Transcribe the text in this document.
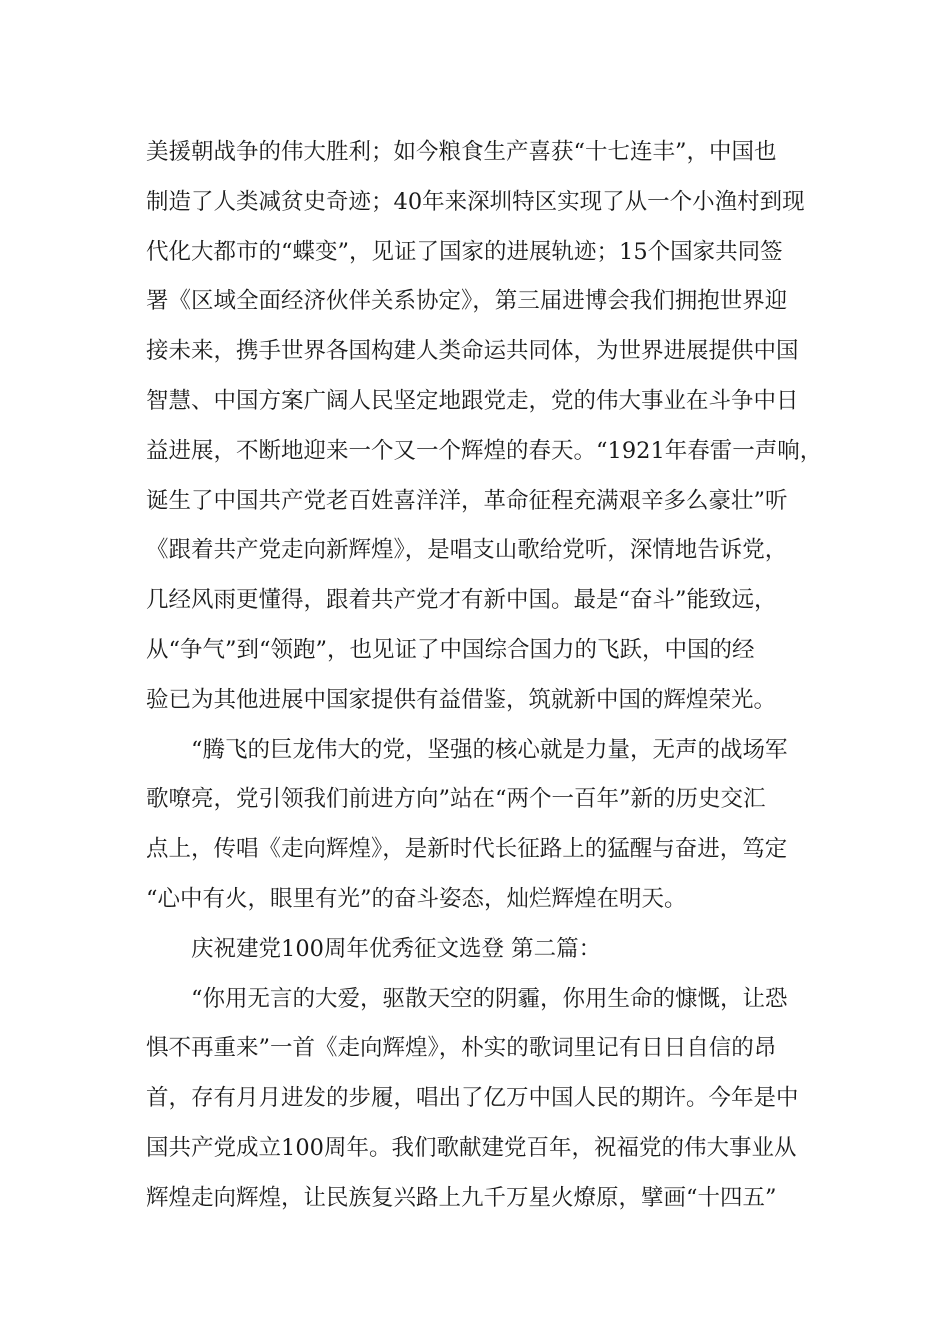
美援朝战争的伟大胜利；如今粮食生产喜获“十七连丰”，中国也
制造了人类减贫史奇迹；40年来深圳特区实现了从一个小渔村到现
代化大都市的“蝶变”，见证了国家的进展轨迹；15个国家共同签
署《区域全面经济伙伴关系协定》，第三届进博会我们拥抱世界迎
接未来，携手世界各国构建人类命运共同体，为世界进展提供中国
智慧、中国方案广阔人民坚定地跟党走，党的伟大事业在斗争中日
益进展，不断地迎来一个又一个辉煌的春天。“1921年春雷一声响，
诞生了中国共产党老百姓喜洋洋，革命征程充满艰辛多么豪壮”听
《跟着共产党走向新辉煌》，是唱支山歌给党听，深情地告诉党，
几经风雨更懂得，跟着共产党才有新中国。最是“奋斗”能致远，
从“争气”到“领跑”，也见证了中国综合国力的飞跃，中国的经
验已为其他进展中国家提供有益借鉴，筑就新中国的辉煌荣光。
“腾飞的巨龙伟大的党，坚强的核心就是力量，无声的战场军
歌嘹亮，党引领我们前进方向”站在“两个一百年”新的历史交汇
点上，传唱《走向辉煌》，是新时代长征路上的猛醒与奋进，笃定
“心中有火，眼里有光”的奋斗姿态，灿烂辉煌在明天。
庆祝建党100周年优秀征文选登 第二篇：
“你用无言的大爱，驱散天空的阴霾，你用生命的慷慨，让恐
惧不再重来”一首《走向辉煌》，朴实的歌词里记有日日自信的昂
首，存有月月进发的步履，唱出了亿万中国人民的期许。今年是中
国共产党成立100周年。我们歌献建党百年，祝福党的伟大事业从
辉煌走向辉煌，让民族复兴路上九千万星火燎原，擘画“十四五”
